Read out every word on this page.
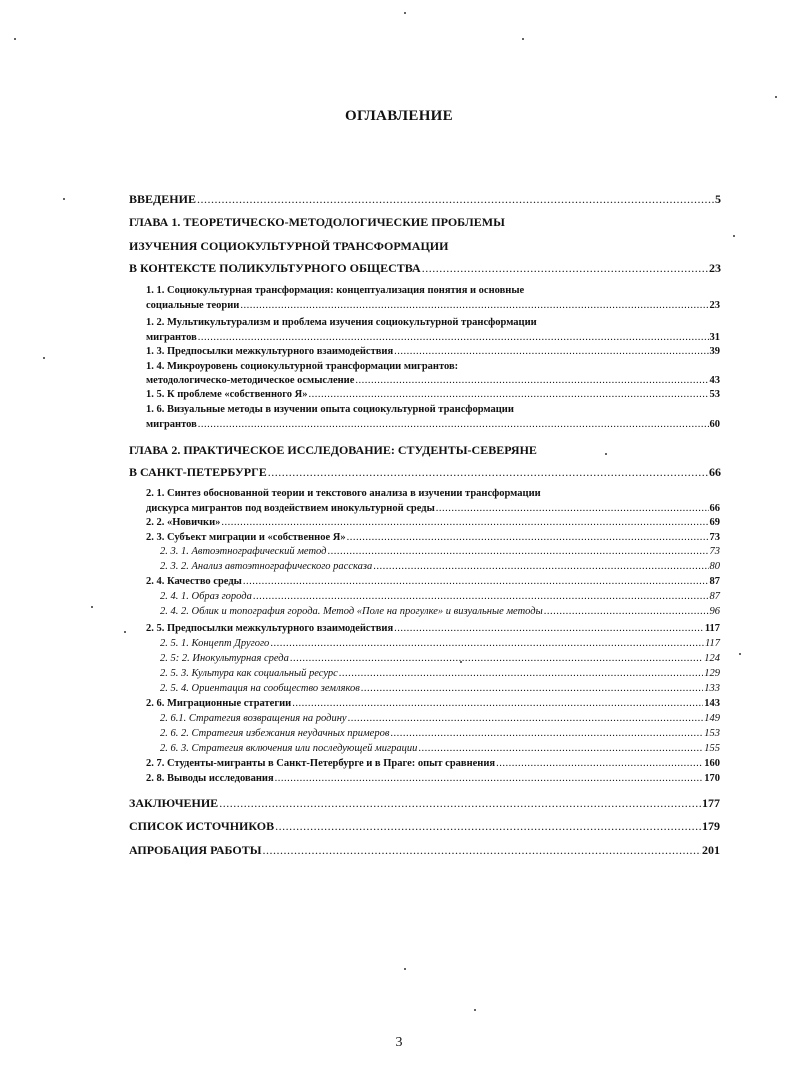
ОГЛАВЛЕНИЕ
ВВЕДЕНИЕ .....	5
ГЛАВА 1. ТЕОРЕТИЧЕСКО-МЕТОДОЛОГИЧЕСКИЕ ПРОБЛЕМЫ
ИЗУЧЕНИЯ СОЦИОКУЛЬТУРНОЙ ТРАНСФОРМАЦИИ
В КОНТЕКСТЕ ПОЛИКУЛЬТУРНОГО ОБЩЕСТВА .....	23
1. 1. Социокультурная трансформация: концептуализация понятия и основные
социальные теории .....	23
1. 2. Мультикультурализм и проблема изучения социокультурной трансформации
мигрантов .....	31
1. 3. Предпосылки межкультурного взаимодействия .....	39
1. 4. Микроуровень социокультурной трансформации мигрантов:
методологическо-методическое осмысление .....	43
1. 5. К проблеме «собственного Я» .....	53
1. 6. Визуальные методы в изучении опыта социокультурной трансформации
мигрантов .....	60
ГЛАВА 2. ПРАКТИЧЕСКОЕ ИССЛЕДОВАНИЕ: СТУДЕНТЫ-СЕВЕРЯНЕ
В САНКТ-ПЕТЕРБУРГЕ .....	66
2. 1. Синтез обоснованной теории и текстового анализа в изучении трансформации
дискурса мигрантов под воздействием инокультурной среды .....	66
2. 2. «Новички» .....	69
2. 3. Субъект миграции и «собственное Я» .....	73
2. 3. 1. Автоэтнографический метод .....	73
2. 3. 2. Анализ автоэтнографического рассказа .....	80
2. 4. Качество среды .....	87
2. 4. 1. Образ города .....	87
2. 4. 2. Облик и топография города. Метод «Поле на прогулке» и визуальные методы .....	96
2. 5. Предпосылки межкультурного взаимодействия .....	117
2. 5. 1. Концепт Другого .....	117
2. 5: 2. Инокультурная среда .....	124
2. 5. 3. Культура как социальный ресурс .....	129
2. 5. 4. Ориентация на сообщество земляков .....	133
2. 6. Миграционные стратегии .....	143
2. 6.1. Стратегия возвращения на родину .....	149
2. 6. 2. Стратегия избежания неудачных примеров .....	153
2. 6. 3. Стратегия включения или последующей миграции .....	155
2. 7. Студенты-мигранты в Санкт-Петербурге и в Праге: опыт сравнения .....	160
2. 8. Выводы исследования .....	170
ЗАКЛЮЧЕНИЕ .....	177
СПИСОК ИСТОЧНИКОВ .....	179
АПРОБАЦИЯ РАБОТЫ .....	201
3
